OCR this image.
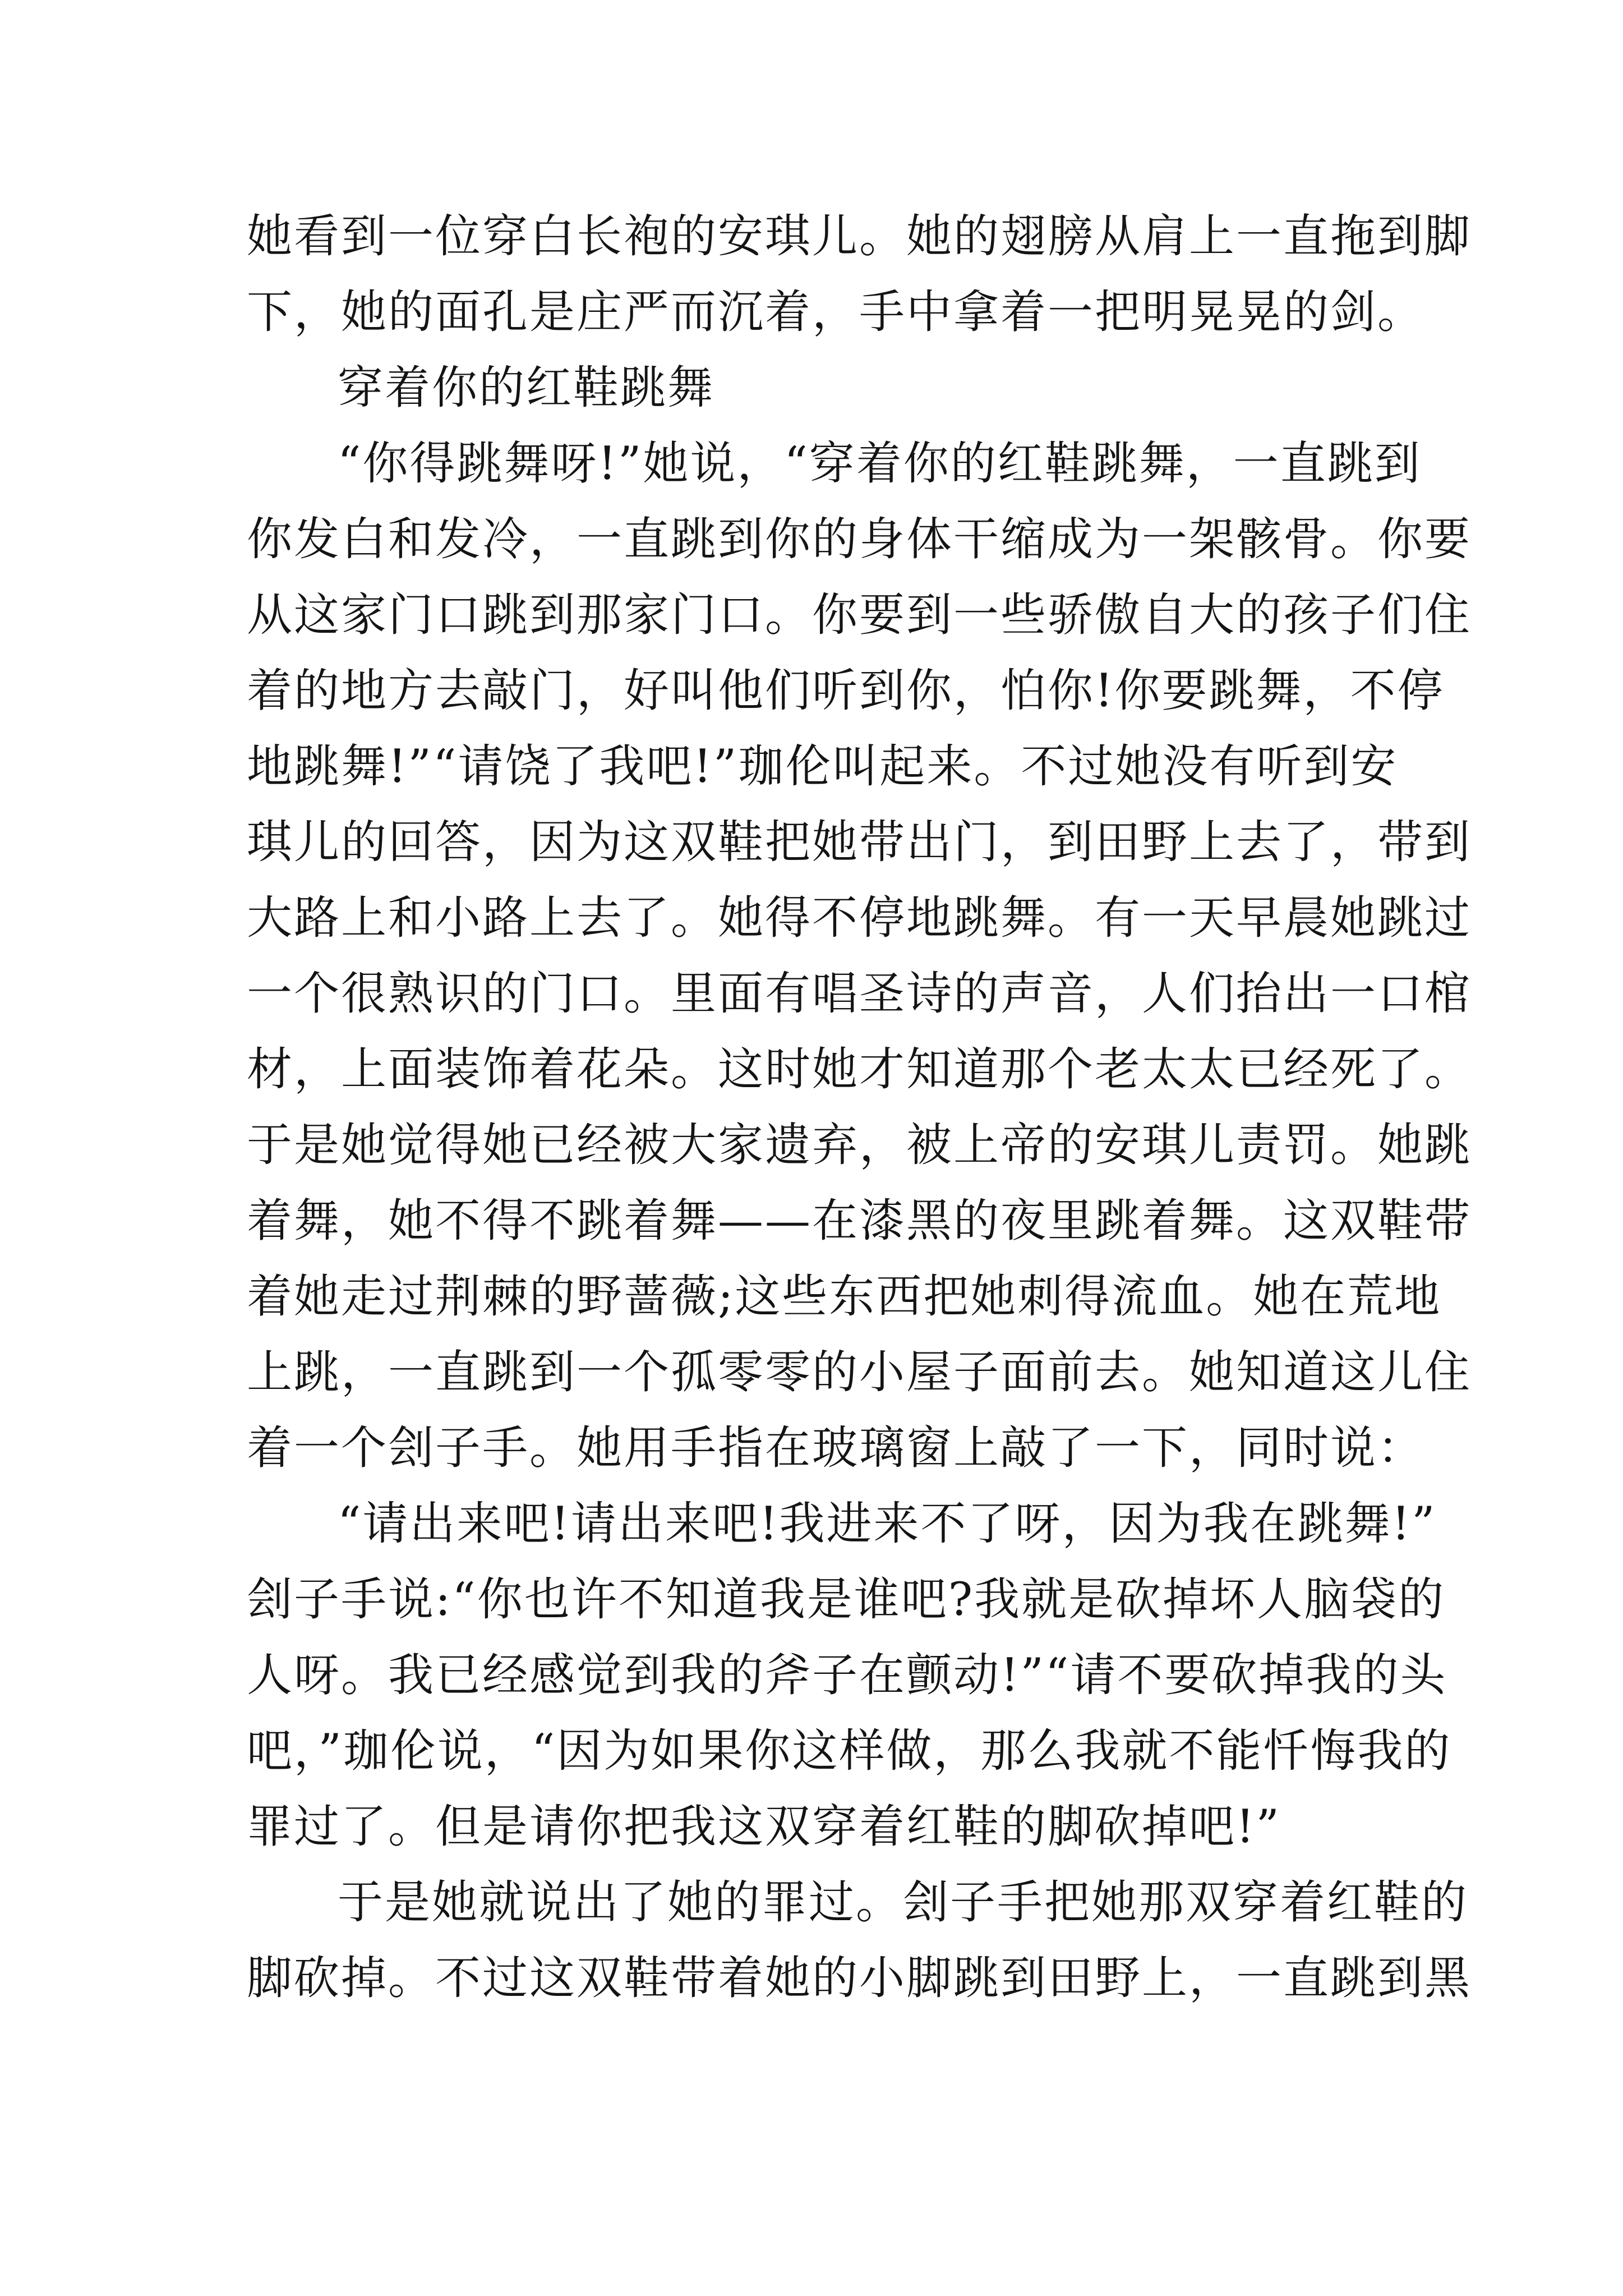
她看到一位穿白长袍的安琪儿。她的翅膀从肩上一直拖到脚
下，她的面孔是庄严而沉着，手中拿着一把明晃晃的剑。
穿着你的红鞋跳舞
“你得跳舞呀!”她说，“穿着你的红鞋跳舞，一直跳到
你发白和发冷，一直跳到你的身体干缩成为一架骸骨。你要
从这家门口跳到那家门口。你要到一些骄傲自大的孩子们住
着的地方去敲门，好叫他们听到你，怕你!你要跳舞，不停
地跳舞!”“请饶了我吧!”珈伦叫起来。不过她没有听到安
琪儿的回答，因为这双鞋把她带出门，到田野上去了，带到
大路上和小路上去了。她得不停地跳舞。有一天早晨她跳过
一个很熟识的门口。里面有唱圣诗的声音，人们抬出一口棺
材，上面装饰着花朵。这时她才知道那个老太太已经死了。
于是她觉得她已经被大家遗弃，被上帝的安琪儿责罚。她跳
着舞，她不得不跳着舞——在漆黑的夜里跳着舞。这双鞋带
着她走过荆棘的野蔷薇;这些东西把她刺得流血。她在荒地
上跳，一直跳到一个孤零零的小屋子面前去。她知道这儿住
着一个刽子手。她用手指在玻璃窗上敲了一下，同时说：
“请出来吧!请出来吧!我进来不了呀，因为我在跳舞!”
刽子手说:“你也许不知道我是谁吧?我就是砍掉坏人脑袋的
人呀。我已经感觉到我的斧子在颤动!”“请不要砍掉我的头
吧，”珈伦说，“因为如果你这样做，那么我就不能忏悔我的
罪过了。但是请你把我这双穿着红鞋的脚砍掉吧!”
于是她就说出了她的罪过。刽子手把她那双穿着红鞋的
脚砍掉。不过这双鞋带着她的小脚跳到田野上，一直跳到黑
